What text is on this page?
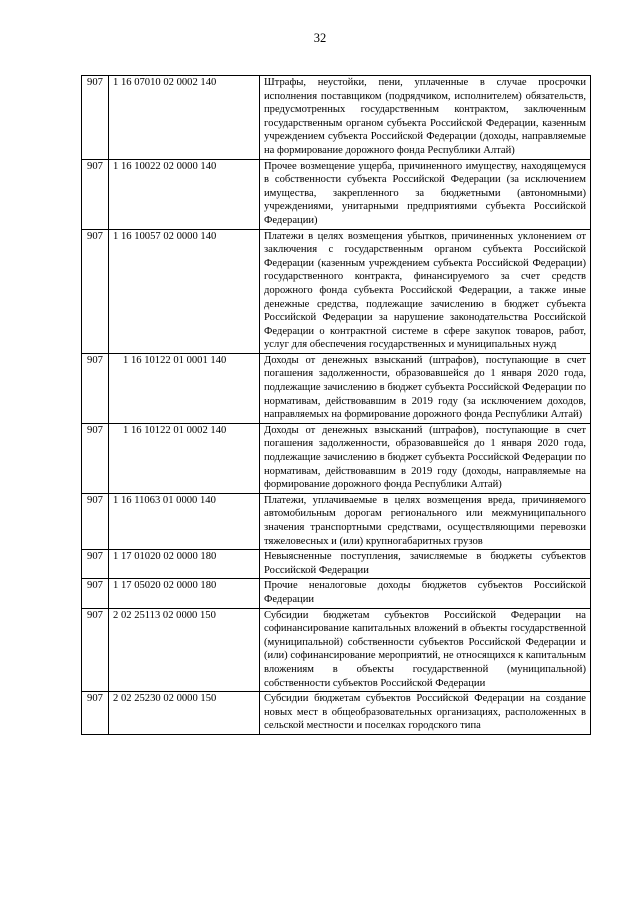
32
907	1 16 07010 02 0002 140	Штрафы, неустойки, пени, уплаченные в случае просрочки исполнения поставщиком (подрядчиком, исполнителем) обязательств, предусмотренных государственным контрактом, заключенным государственным органом субъекта Российской Федерации, казенным учреждением субъекта Российской Федерации (доходы, направляемые на формирование дорожного фонда Республики Алтай)
907	1 16 10022 02 0000 140	Прочее возмещение ущерба, причиненного имуществу, находящемуся в собственности субъекта Российской Федерации (за исключением имущества, закрепленного за бюджетными (автономными) учреждениями, унитарными предприятиями субъекта Российской Федерации)
907	1 16 10057 02 0000 140	Платежи в целях возмещения убытков, причиненных уклонением от заключения с государственным органом субъекта Российской Федерации (казенным учреждением субъекта Российской Федерации) государственного контракта, финансируемого за счет средств дорожного фонда субъекта Российской Федерации, а также иные денежные средства, подлежащие зачислению в бюджет субъекта Российской Федерации за нарушение законодательства Российской Федерации о контрактной системе в сфере закупок товаров, работ, услуг для обеспечения государственных и муниципальных нужд
907	1 16 10122 01 0001 140	Доходы от денежных взысканий (штрафов), поступающие в счет погашения задолженности, образовавшейся до 1 января 2020 года, подлежащие зачислению в бюджет субъекта Российской Федерации по нормативам, действовавшим в 2019 году (за исключением доходов, направляемых на формирование дорожного фонда Республики Алтай)
907	1 16 10122 01 0002 140	Доходы от денежных взысканий (штрафов), поступающие в счет погашения задолженности, образовавшейся до 1 января 2020 года, подлежащие зачислению в бюджет субъекта Российской Федерации по нормативам, действовавшим в 2019 году (доходы, направляемые на формирование дорожного фонда Республики Алтай)
907	1 16 11063 01 0000 140	Платежи, уплачиваемые в целях возмещения вреда, причиняемого автомобильным дорогам регионального или межмуниципального значения транспортными средствами, осуществляющими перевозки тяжеловесных и (или) крупногабаритных грузов
907	1 17 01020 02 0000 180	Невыясненные поступления, зачисляемые в бюджеты субъектов Российской Федерации
907	1 17 05020 02 0000 180	Прочие неналоговые доходы бюджетов субъектов Российской Федерации
907	2 02 25113 02 0000 150	Субсидии бюджетам субъектов Российской Федерации на софинансирование капитальных вложений в объекты государственной (муниципальной) собственности субъектов Российской Федерации и (или) софинансирование мероприятий, не относящихся к капитальным вложениям в объекты государственной (муниципальной) собственности субъектов Российской Федерации
907	2 02 25230 02 0000 150	Субсидии бюджетам субъектов Российской Федерации на создание новых мест в общеобразовательных организациях, расположенных в сельской местности и поселках городского типа
